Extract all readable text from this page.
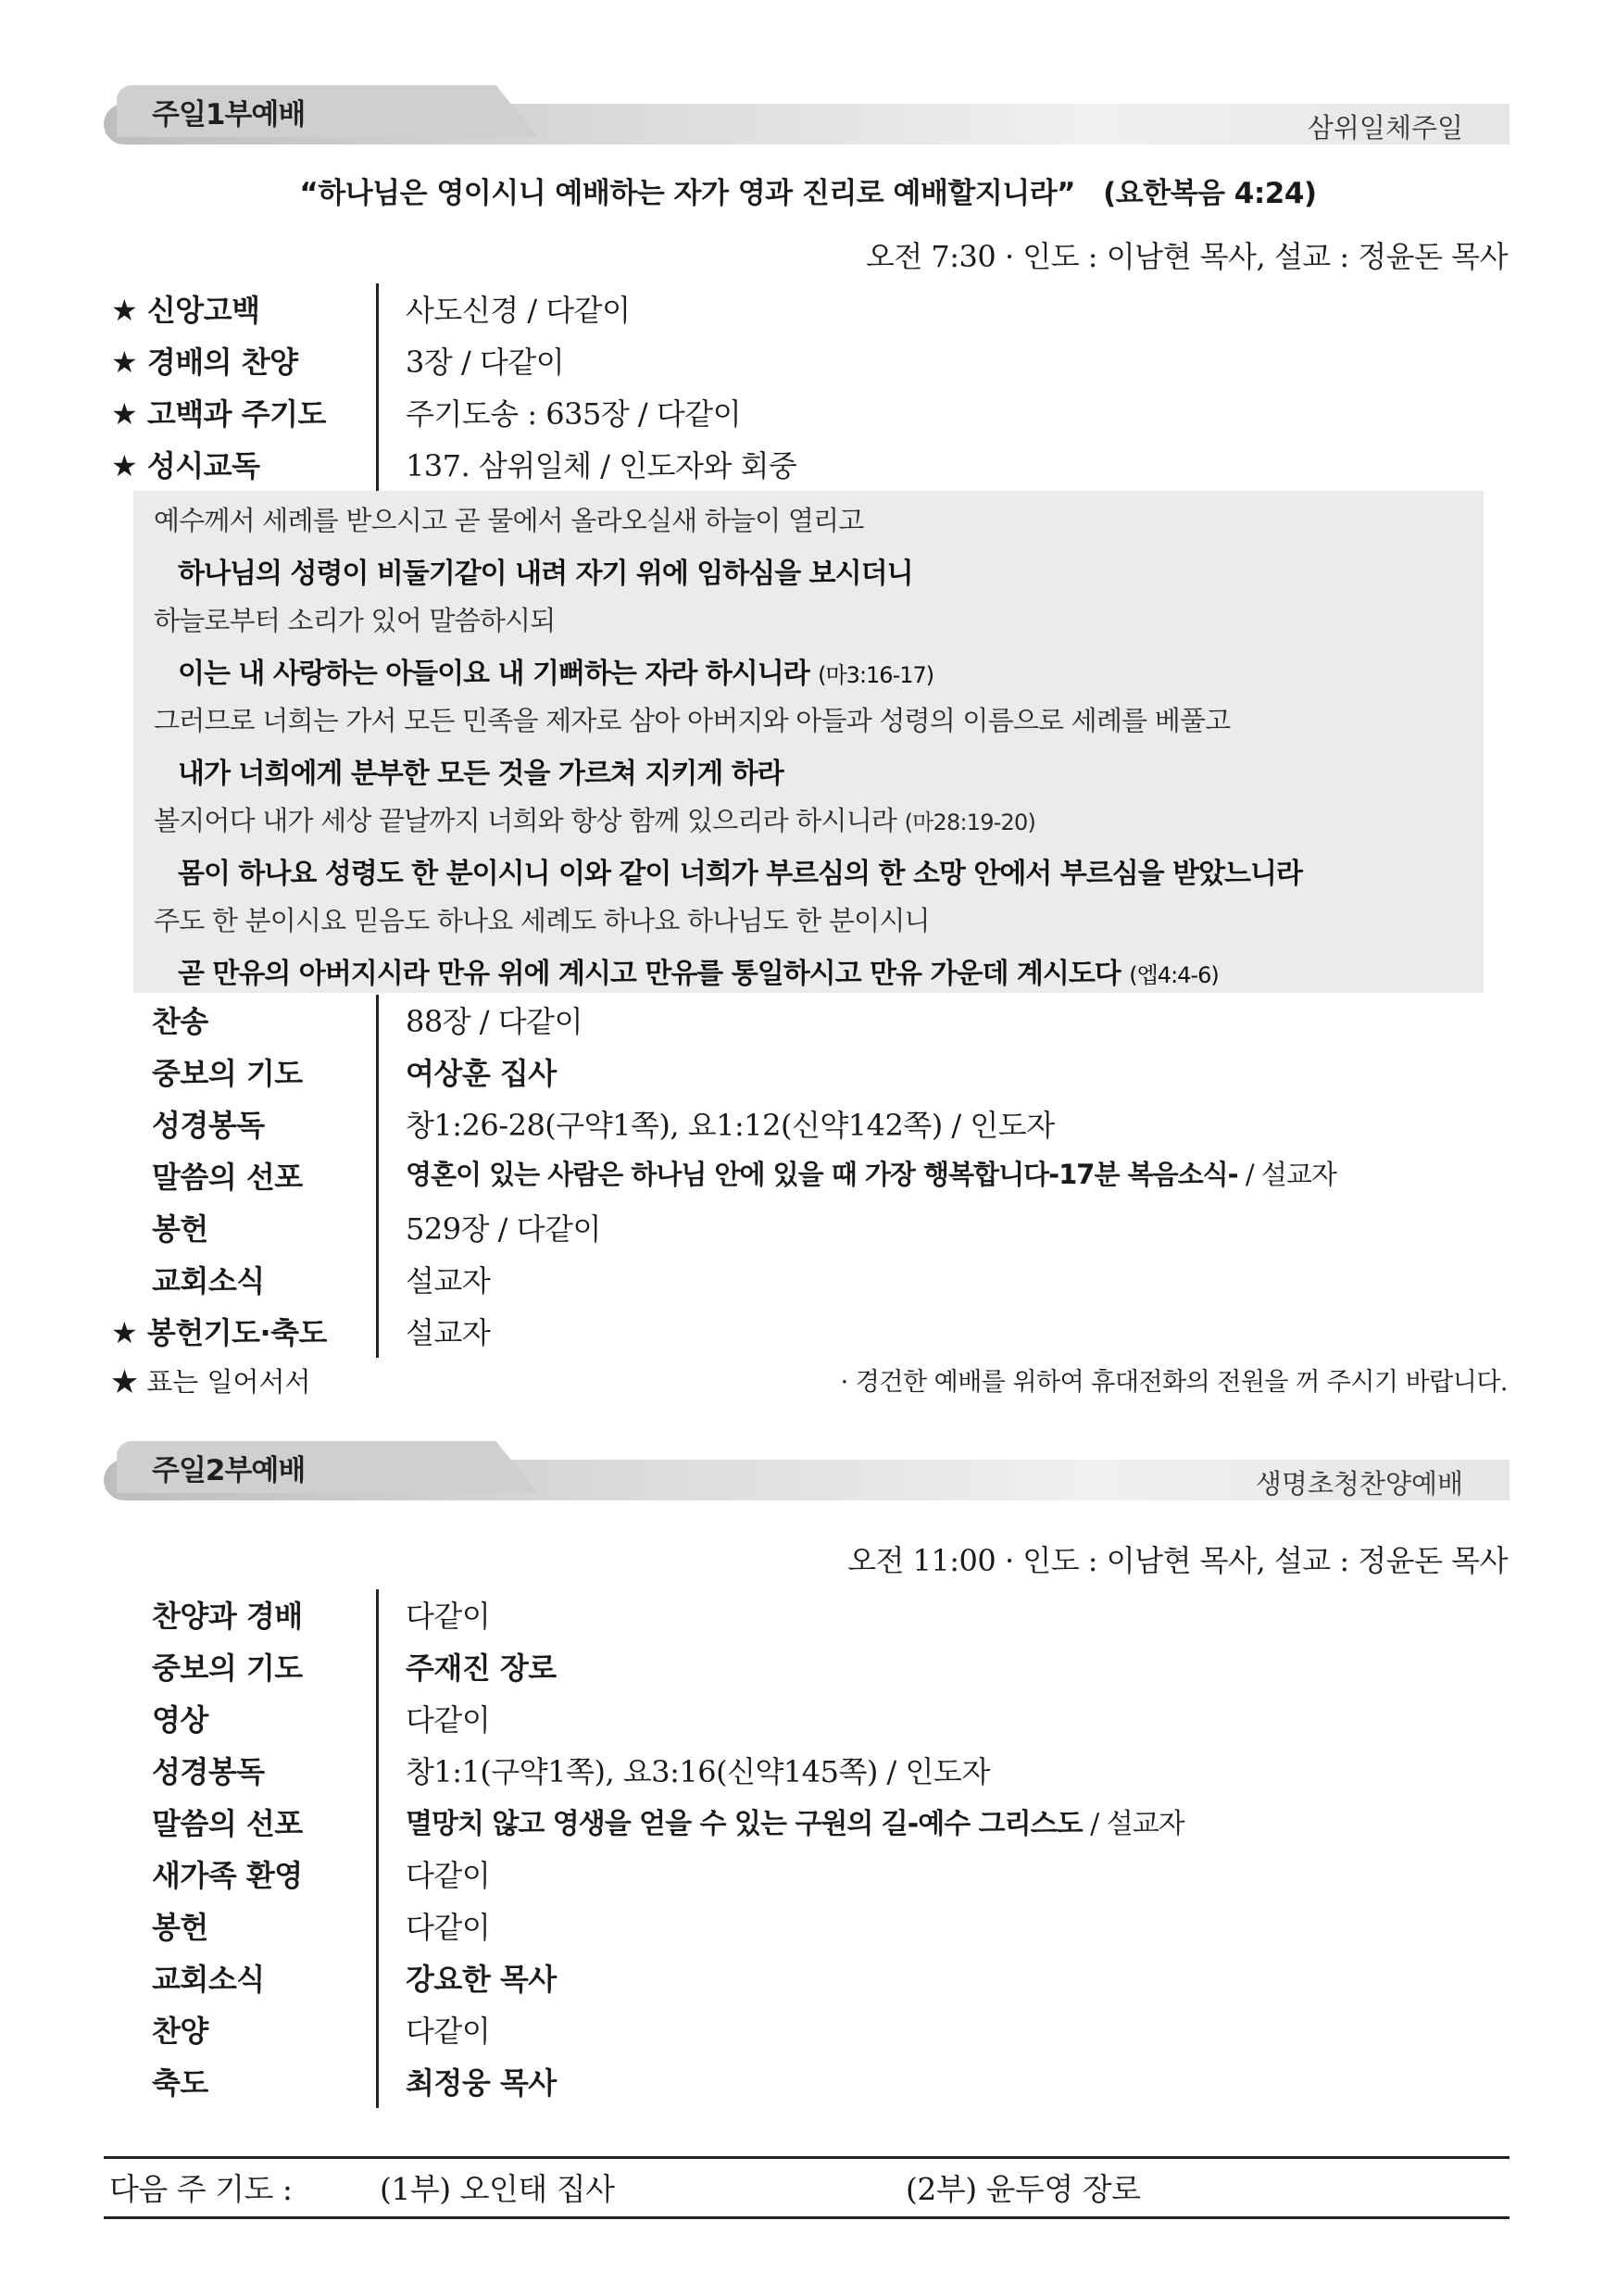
주일1부예배	삼위일체주일
“하나님은 영이시니 예배하는 자가 영과 진리로 예배할지니라” (요한복음 4:24)
오전 7:30 · 인도 : 이남현 목사, 설교 : 정윤돈 목사
★ 신앙고백	사도신경 / 다같이
★ 경배의 찬양	3장 / 다같이
★ 고백과 주기도	주기도송 : 635장 / 다같이
★ 성시교독	137. 삼위일체 / 인도자와 회중
예수께서 세례를 받으시고 곧 물에서 올라오실새 하늘이 열리고
하나님의 성령이 비둘기같이 내려 자기 위에 임하심을 보시더니
하늘로부터 소리가 있어 말씀하시되
이는 내 사랑하는 아들이요 내 기뻐하는 자라 하시니라 (마3:16-17)
그러므로 너희는 가서 모든 민족을 제자로 삼아 아버지와 아들과 성령의 이름으로 세례를 베풀고
내가 너희에게 분부한 모든 것을 가르쳐 지키게 하라
볼지어다 내가 세상 끝날까지 너희와 항상 함께 있으리라 하시니라 (마28:19-20)
몸이 하나요 성령도 한 분이시니 이와 같이 너희가 부르심의 한 소망 안에서 부르심을 받았느니라
주도 한 분이시요 믿음도 하나요 세례도 하나요 하나님도 한 분이시니
곧 만유의 아버지시라 만유 위에 계시고 만유를 통일하시고 만유 가운데 계시도다 (엡4:4-6)
찬송	88장 / 다같이
중보의 기도	여상훈 집사
성경봉독	창1:26-28(구약1쪽), 요1:12(신약142쪽) / 인도자
말씀의 선포	영혼이 있는 사람은 하나님 안에 있을 때 가장 행복합니다-17분 복음소식- / 설교자
봉헌	529장 / 다같이
교회소식	설교자
★ 봉헌기도·축도	설교자
★ 표는 일어서서	· 경건한 예배를 위하여 휴대전화의 전원을 꺼 주시기 바랍니다.
주일2부예배	생명초청찬양예배
오전 11:00 · 인도 : 이남현 목사, 설교 : 정윤돈 목사
찬양과 경배	다같이
중보의 기도	주재진 장로
영상	다같이
성경봉독	창1:1(구약1쪽), 요3:16(신약145쪽) / 인도자
말씀의 선포	멸망치 않고 영생을 얻을 수 있는 구원의 길-예수 그리스도 / 설교자
새가족 환영	다같이
봉헌	다같이
교회소식	강요한 목사
찬양	다같이
축도	최정웅 목사
다음 주 기도 :	(1부) 오인태 집사	(2부) 윤두영 장로
